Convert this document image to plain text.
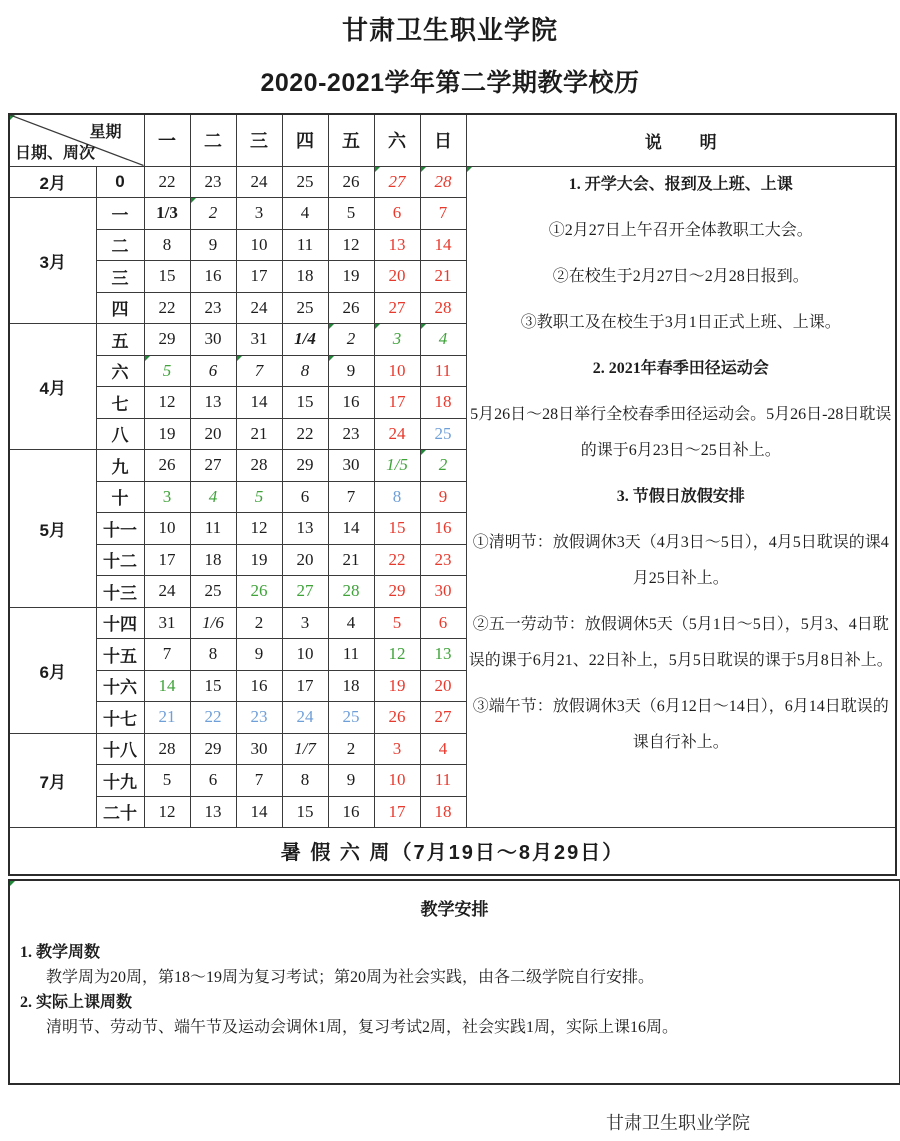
甘肃卫生职业学院
2020-2021学年第二学期教学校历
星期
日期、周次		一	二	三	四	五	六	日	说        明
2月	0	22	23	24	25	26	27	28	1. 开学大会、报到及上班、上课

①2月27日上午召开全体教职工大会。

②在校生于2月27日～2月28日报到。

③教职工及在校生于3月1日正式上班、上课。

2. 2021年春季田径运动会

5月26日～28日举行全校春季田径运动会。5月26日-28日耽误的课于6月23日～25日补上。

3. 节假日放假安排

①清明节：放假调休3天（4月3日～5日），4月5日耽误的课4月25日补上。

②五一劳动节：放假调休5天（5月1日～5日），5月3、4日耽误的课于6月21、22日补上，5月5日耽误的课于5月8日补上。

③端午节：放假调休3天（6月12日～14日），6月14日耽误的课自行补上。

3月	一	1/3	2	3	4	5	6	7	
	二	8	9	10	11	12	13	14	
	三	15	16	17	18	19	20	21	
	四	22	23	24	25	26	27	28	
4月	五	29	30	31	1/4	2	3	4	
	六	5	6	7	8	9	10	11	
	七	12	13	14	15	16	17	18	
	八	19	20	21	22	23	24	25	
5月	九	26	27	28	29	30	1/5	2	
	十	3	4	5	6	7	8	9	
	十一	10	11	12	13	14	15	16	
	十二	17	18	19	20	21	22	23	
	十三	24	25	26	27	28	29	30	
6月	十四	31	1/6	2	3	4	5	6	
	十五	7	8	9	10	11	12	13	
	十六	14	15	16	17	18	19	20	
	十七	21	22	23	24	25	26	27	
7月	十八	28	29	30	1/7	2	3	4	
	十九	5	6	7	8	9	10	11	
	二十	12	13	14	15	16	17	18	
暑 假 六 周（7月19日～8月29日）									
教学安排
1. 教学周数
教学周为20周，第18～19周为复习考试；第20周为社会实践，由各二级学院自行安排。
2. 实际上课周数
清明节、劳动节、端午节及运动会调休1周，复习考试2周，社会实践1周，实际上课16周。
甘肃卫生职业学院
